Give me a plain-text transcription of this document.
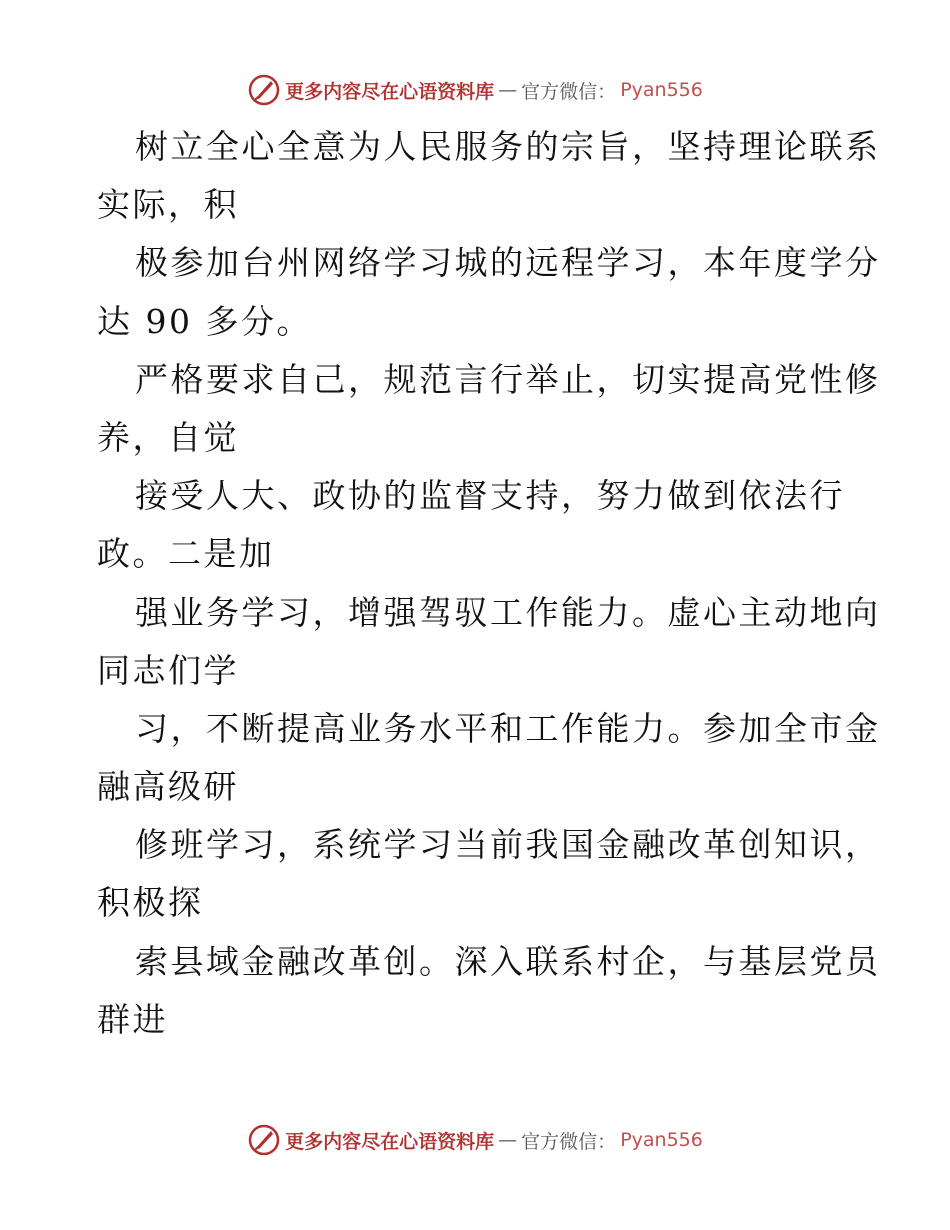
更多内容尽在心语资料库 — 官方微信： Pyan556
树立全心全意为人民服务的宗旨，坚持理论联系
实际，积
极参加台州网络学习城的远程学习，本年度学分
达 90 多分。
严格要求自己，规范言行举止，切实提高党性修
养，自觉
接受人大、政协的监督支持，努力做到依法行
政。二是加
强业务学习，增强驾驭工作能力。虚心主动地向
同志们学
习，不断提高业务水平和工作能力。参加全市金
融高级研
修班学习，系统学习当前我国金融改革创知识，
积极探
索县域金融改革创。深入联系村企，与基层党员
群进
更多内容尽在心语资料库 — 官方微信： Pyan556
